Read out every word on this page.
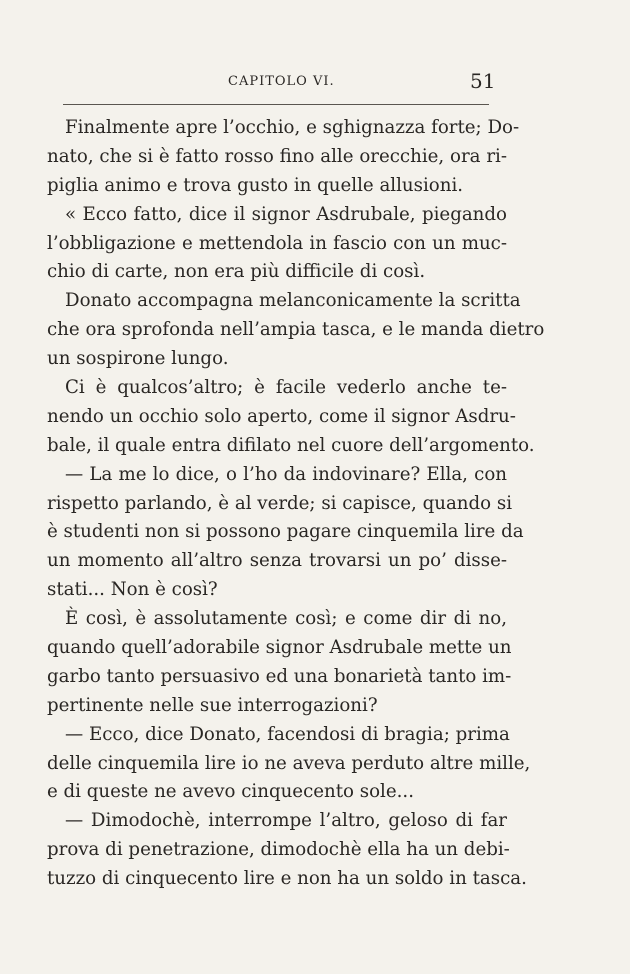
CAPITOLO VI.	51
Finalmente apre l’occhio, e sghignazza forte; Do-
nato, che si è fatto rosso fino alle orecchie, ora ri-
piglia animo e trova gusto in quelle allusioni.
« Ecco fatto, dice il signor Asdrubale, piegando
l’obbligazione e mettendola in fascio con un muc-
chio di carte, non era più difficile di così.
Donato accompagna melanconicamente la scritta
che ora sprofonda nell’ampia tasca, e le manda dietro
un sospirone lungo.
Ci è qualcos’altro; è facile vederlo anche te-
nendo un occhio solo aperto, come il signor Asdru-
bale, il quale entra difilato nel cuore dell’argomento.
— La me lo dice, o l’ho da indovinare? Ella, con
rispetto parlando, è al verde; si capisce, quando si
è studenti non si possono pagare cinquemila lire da
un momento all’altro senza trovarsi un po’ disse-
stati... Non è così?
È così, è assolutamente così; e come dir di no,
quando quell’adorabile signor Asdrubale mette un
garbo tanto persuasivo ed una bonarietà tanto im-
pertinente nelle sue interrogazioni?
— Ecco, dice Donato, facendosi di bragia; prima
delle cinquemila lire io ne aveva perduto altre mille,
e di queste ne avevo cinquecento sole...
— Dimodochè, interrompe l’altro, geloso di far
prova di penetrazione, dimodochè ella ha un debi-
tuzzo di cinquecento lire e non ha un soldo in tasca.
